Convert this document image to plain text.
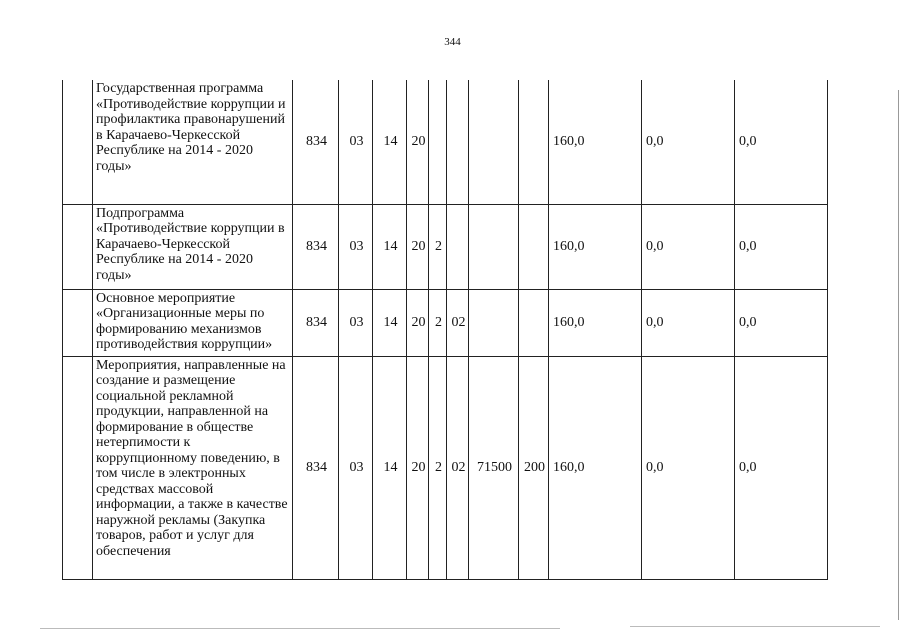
344
	Государственная программа «Противодействие коррупции и профилактика правонарушений в Карачаево-Черкесской Республике на 2014 - 2020 годы»	834	03	14	20					160,0	0,0	0,0
	Подпрограмма «Противодействие коррупции в Карачаево-Черкесской Республике на 2014 - 2020 годы»	834	03	14	20	2				160,0	0,0	0,0
	Основное мероприятие «Организационные меры по формированию механизмов противодействия коррупции»	834	03	14	20	2	02			160,0	0,0	0,0
	Мероприятия, направленные на создание и размещение социальной рекламной продукции, направленной на формирование в обществе нетерпимости к коррупционному поведению, в том числе в электронных средствах массовой информации, а также в качестве наружной рекламы (Закупка товаров, работ и услуг для обеспечения	834	03	14	20	2	02	71500	200	160,0	0,0	0,0
